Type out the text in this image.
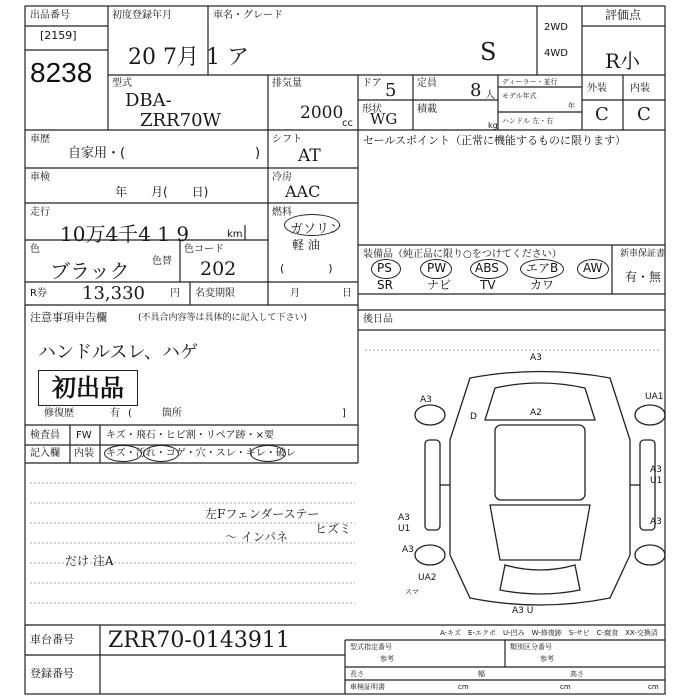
出品番号
[2159]
8238
初度登録年月
20 7月 1 ア
車名・グレード
S
2WD
4WD
評価点
R小
外装 内装
C C
型式
DBA-
ZRR70W
排気量
2000
cc
ドア 5
形状
WG
定員 8 人
積載
kg
ディーラー・並行
モデル年式
年
ハンドル 左・右
車歴
自家用・(	)
シフト
AT
車検
年　　月(　　日)
冷房
AAC
走行
10万4千4 1 9	km
燃料
ガソリン
軽 油
(　　　　)
色
ブラック 色替
色コード
202
R券 13,330	円 名変期限	月	日
セールスポイント（正常に機能するものに限ります）
装備品（純正品に限り○をつけてください）	新車保証書
有・無
PS	PW ABS エアB AW
SR	ナビ TV	カワ
後日品
注意事項申告欄	(不具合内容等は具体的に記入して下さい)
ハンドルスレ、ハゲ
初出品
修復歴	有 (　　　箇所	]
検査員
記入欄
FW キズ・飛石・ヒビ割・リペア跡・×要
内装 キズ・汚れ・コゲ・穴・スレ・キレ・破レ
左Fフェンダーステー
～ インパネ
ヒズミ
だけ 注A
A3
A3
A2
D
UA1
A3 U1
A3
A3 U1
A3
UA2
A3 U
スマ
A-キズ　E-エクボ　U-凹み　W-修復跡　S-サビ　C-腐食　XX-交換済
車台番号 ZRR70-0143911
登録番号
型式指定番号
参考
類別区分番号
参考
長さ	幅	高さ
cm	cm	cm
車検証明書
